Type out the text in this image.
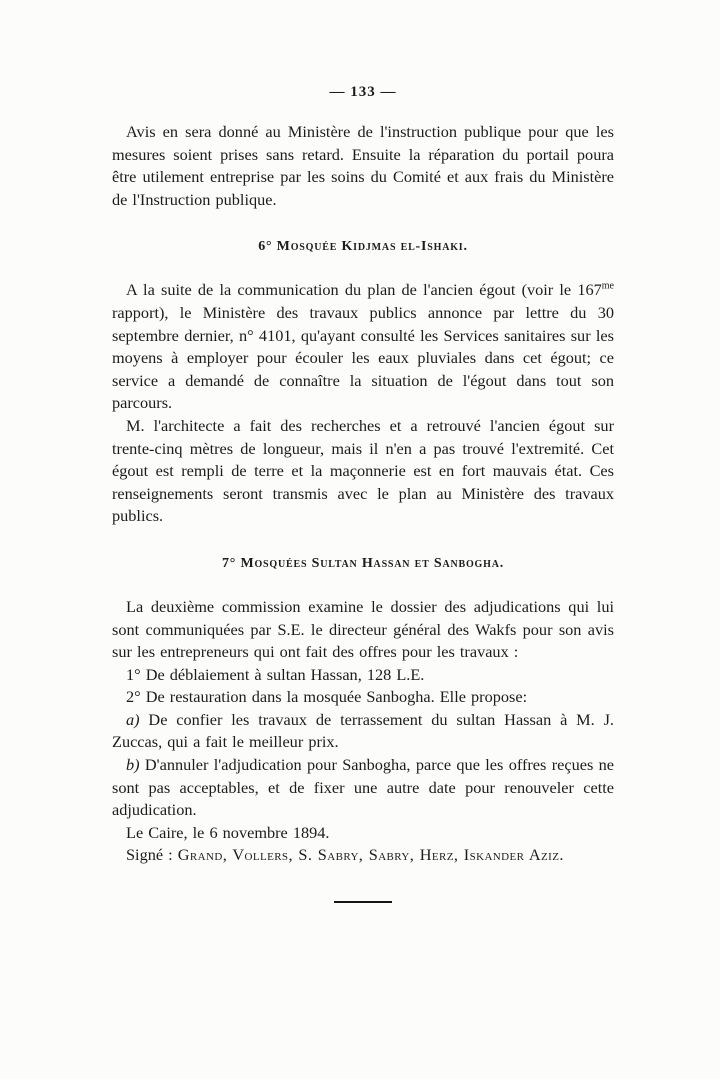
— 133 —

Avis en sera donné au Ministère de l'instruction publique pour que les mesures soient prises sans retard. Ensuite la réparation du portail poura être utilement entreprise par les soins du Comité et aux frais du Ministère de l'Instruction publique.

6° Mosquée Kidjmas el-Ishaki.

A la suite de la communication du plan de l'ancien égout (voir le $167^{me}$ rapport), le Ministère des travaux publics annonce par lettre du 30 septembre dernier, n° 4101, qu'ayant consulté les Services sanitaires sur les moyens à employer pour écouler les eaux pluviales dans cet égout; ce service a demandé de connaître la situation de l'égout dans tout son parcours.

M. l'architecte a fait des recherches et a retrouvé l'ancien égout sur trente-cinq mètres de longueur, mais il n'en a pas trouvé l'extremité. Cet égout est rempli de terre et la maçonnerie est en fort mauvais état. Ces renseignements seront transmis avec le plan au Ministère des travaux publics.

7° Mosquées Sultan Hassan et Sanbogha.

La deuxième commission examine le dossier des adjudications qui lui sont communiquées par S.E. le directeur général des Wakfs pour son avis sur les entrepreneurs qui ont fait des offres pour les travaux :

1° De déblaiement à sultan Hassan, 128 L.E.

2° De restauration dans la mosquée Sanbogha. Elle propose:

a) De confier les travaux de terrassement du sultan Hassan à M. J. Zuccas, qui a fait le meilleur prix.

b) D'annuler l'adjudication pour Sanbogha, parce que les offres reçues ne sont pas acceptables, et de fixer une autre date pour renouveler cette adjudication.

Le Caire, le 6 novembre 1894.

Signé : Grand, Vollers, S. Sabry, Sabry, Herz, Iskander Aziz.
